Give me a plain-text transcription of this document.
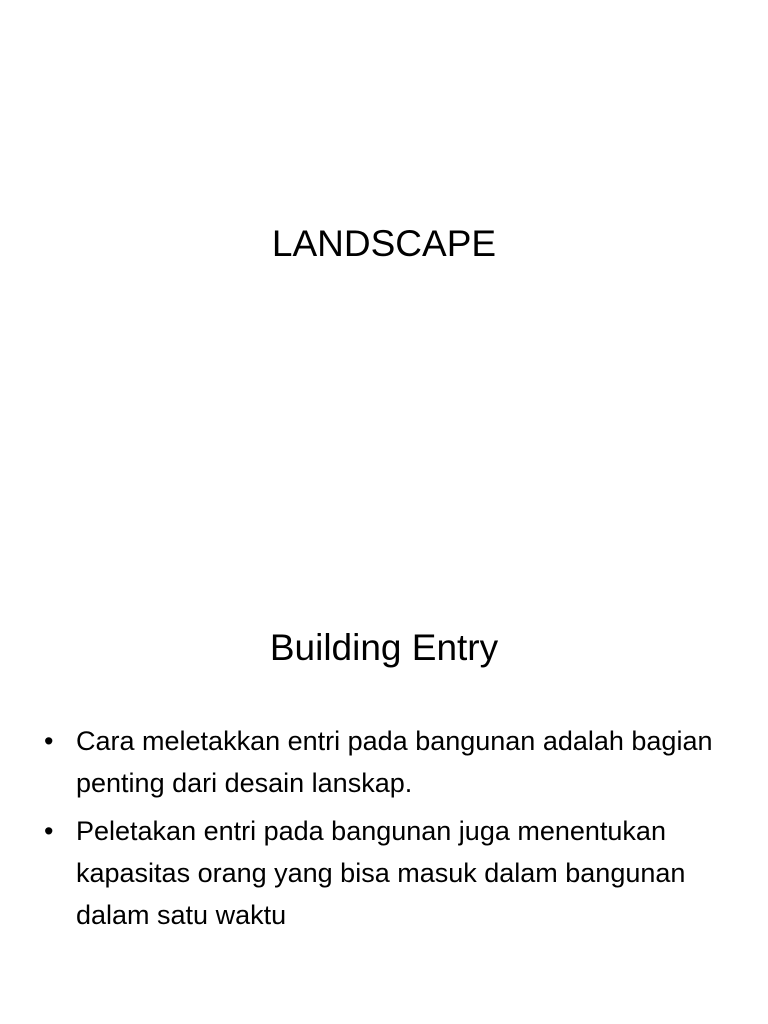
LANDSCAPE
Building Entry
• Cara meletakkan entri pada bangunan adalah bagian penting dari desain lanskap.
• Peletakan entri pada bangunan juga menentukan kapasitas orang yang bisa masuk dalam bangunan dalam satu waktu
